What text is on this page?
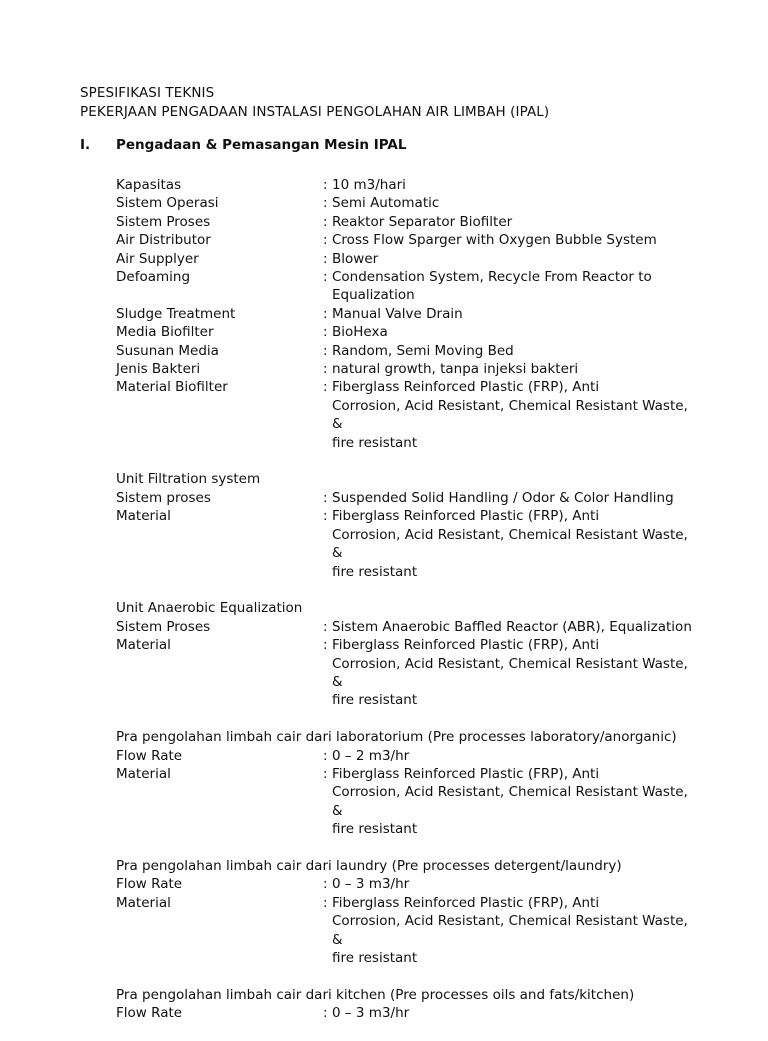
SPESIFIKASI TEKNIS
PEKERJAAN PENGADAAN INSTALASI PENGOLAHAN AIR LIMBAH (IPAL)
I. Pengadaan & Pemasangan Mesin IPAL
Kapasitas	: 10 m3/hari
Sistem Operasi	: Semi Automatic
Sistem Proses	: Reaktor Separator Biofilter
Air Distributor	: Cross Flow Sparger with Oxygen Bubble System
Air Supplyer	: Blower
Defoaming	: Condensation System, Recycle From Reactor to
Equalization
Sludge Treatment	: Manual Valve Drain
Media Biofilter	: BioHexa
Susunan Media	: Random, Semi Moving Bed
Jenis Bakteri	: natural growth, tanpa injeksi bakteri
Material Biofilter	: Fiberglass Reinforced Plastic (FRP), Anti
Corrosion, Acid Resistant, Chemical Resistant Waste, &
fire resistant
Unit Filtration system
Sistem proses	: Suspended Solid Handling / Odor & Color Handling
Material	: Fiberglass Reinforced Plastic (FRP), Anti
Corrosion, Acid Resistant, Chemical Resistant Waste, &
fire resistant
Unit Anaerobic Equalization
Sistem Proses	: Sistem Anaerobic Baffled Reactor (ABR), Equalization
Material	: Fiberglass Reinforced Plastic (FRP), Anti
Corrosion, Acid Resistant, Chemical Resistant Waste, &
fire resistant
Pra pengolahan limbah cair dari laboratorium (Pre processes laboratory/anorganic)
Flow Rate	: 0 – 2 m3/hr
Material	: Fiberglass Reinforced Plastic (FRP), Anti
Corrosion, Acid Resistant, Chemical Resistant Waste, &
fire resistant
Pra pengolahan limbah cair dari laundry (Pre processes detergent/laundry)
Flow Rate	: 0 – 3 m3/hr
Material	: Fiberglass Reinforced Plastic (FRP), Anti
Corrosion, Acid Resistant, Chemical Resistant Waste, &
fire resistant
Pra pengolahan limbah cair dari kitchen (Pre processes oils and fats/kitchen)
Flow Rate	: 0 – 3 m3/hr
